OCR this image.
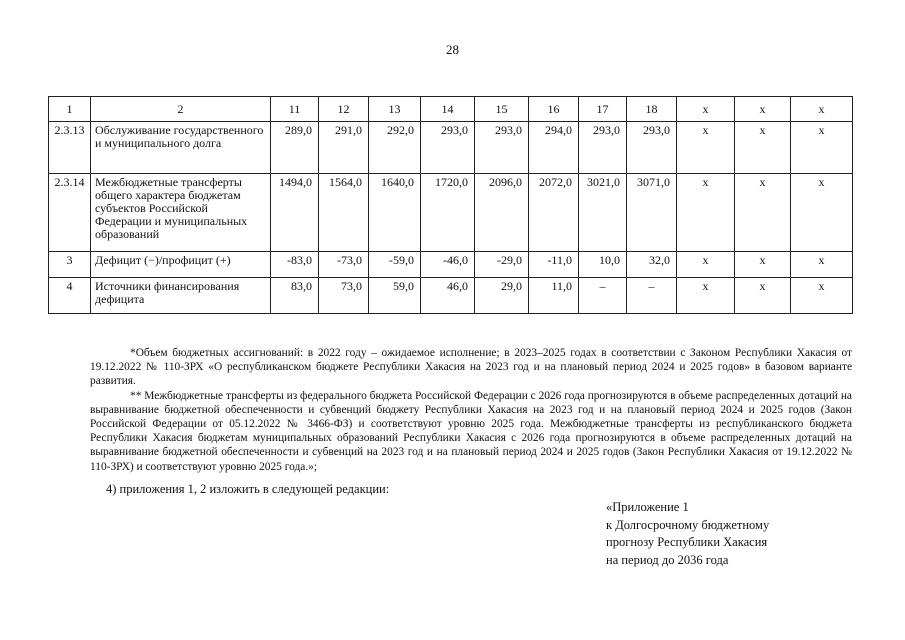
28
1	2	11	12	13	14	15	16	17	18	x	x	x
2.3.13	Обслуживание государственного и муниципального долга	289,0	291,0	292,0	293,0	293,0	294,0	293,0	293,0	x	x	x
2.3.14	Межбюджетные трансферты общего характера бюджетам субъектов Российской Федерации и муниципальных образований	1494,0	1564,0	1640,0	1720,0	2096,0	2072,0	3021,0	3071,0	x	x	x
3	Дефицит (−)/профицит (+)	-83,0	-73,0	-59,0	-46,0	-29,0	-11,0	10,0	32,0	x	x	x
4	Источники финансирования дефицита	83,0	73,0	59,0	46,0	29,0	11,0	–	–	x	x	x

*Объем бюджетных ассигнований: в 2022 году – ожидаемое исполнение; в 2023–2025 годах в соответствии с Законом Республики Хакасия от 19.12.2022 № 110-ЗРХ «О республиканском бюджете Республики Хакасия на 2023 год и на плановый период 2024 и 2025 годов» в базовом варианте развития.

** Межбюджетные трансферты из федерального бюджета Российской Федерации с 2026 года прогнозируются в объеме распределенных дотаций на выравнивание бюджетной обеспеченности и субвенций бюджету Республики Хакасия на 2023 год и на плановый период 2024 и 2025 годов (Закон Российской Федерации от 05.12.2022 № 3466-ФЗ) и соответствуют уровню 2025 года. Межбюджетные трансферты из республиканского бюджета Республики Хакасия бюджетам муниципальных образований Республики Хакасия с 2026 года прогнозируются в объеме распределенных дотаций на выравнивание бюджетной обеспеченности и субвенций на 2023 год и на плановый период 2024 и 2025 годов (Закон Республики Хакасия от 19.12.2022 № 110-ЗРХ) и соответствуют уровню 2025 года.»;

4) приложения 1, 2 изложить в следующей редакции:
«Приложение 1
к Долгосрочному бюджетному
прогнозу Республики Хакасия
на период до 2036 года
